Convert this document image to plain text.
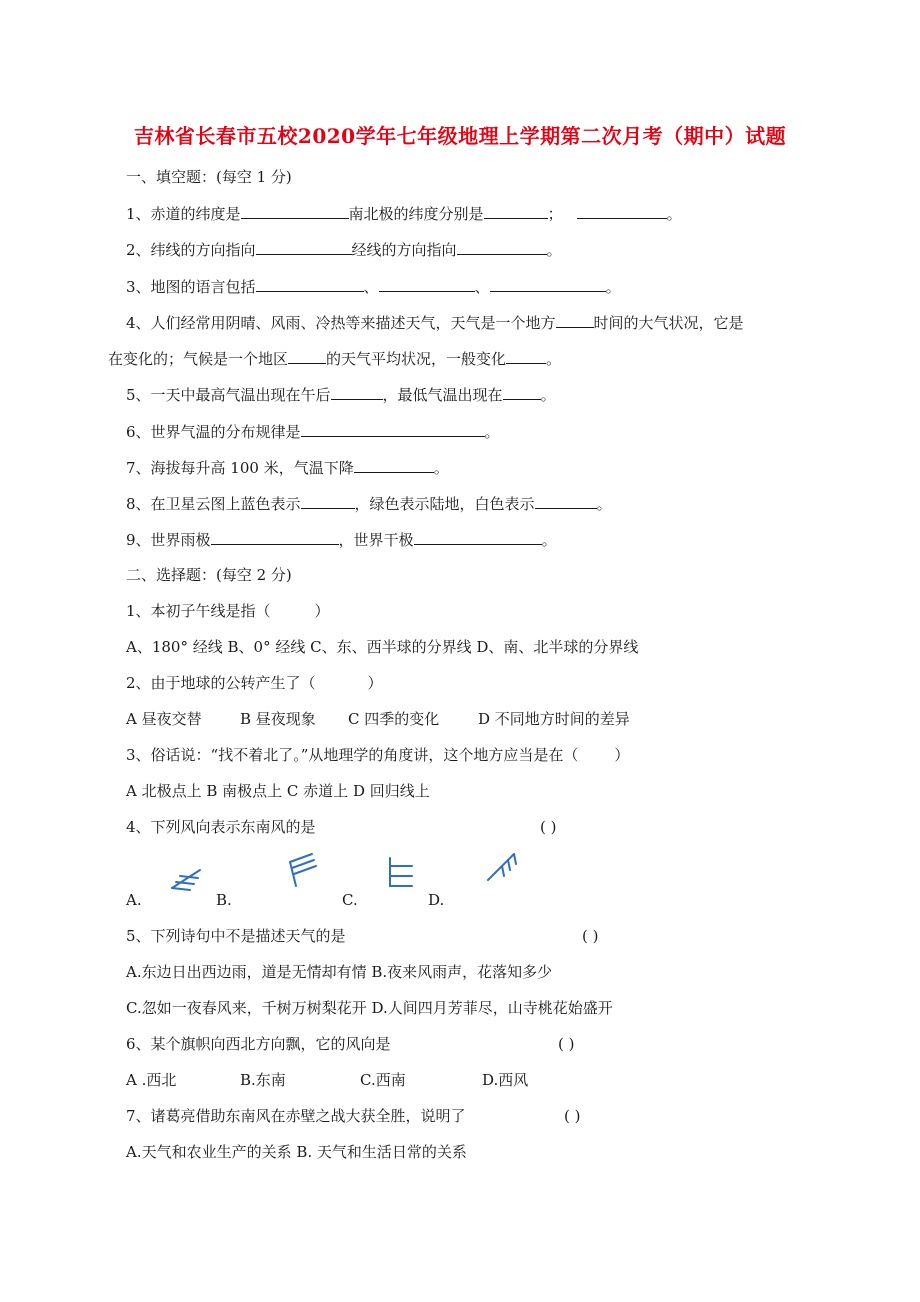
吉林省长春市五校2020学年七年级地理上学期第二次月考（期中）试题
一、填空题：(每空 1 分)
1、赤道的纬度是	南北极的纬度分别是	；	。
2、纬线的方向指向	经线的方向指向	。
3、地图的语言包括	、	、	。
4、人们经常用阴晴、风雨、冷热等来描述天气，天气是一个地方	时间的大气状况，它是
在变化的；气候是一个地区	的天气平均状况，一般变化	。
5、一天中最高气温出现在午后	，最低气温出现在	。
6、世界气温的分布规律是	。
7、海拔每升高 100 米，气温下降	。
8、在卫星云图上蓝色表示	，绿色表示陆地，白色表示	。
9、世界雨极	，世界干极	。
二、选择题：(每空 2 分)
1、本初子午线是指（	）
A、180° 经线 B、0° 经线 C、东、西半球的分界线 D、南、北半球的分界线
2、由于地球的公转产生了（	）
A 昼夜交替	B 昼夜现象 C 四季的变化	D 不同地方时间的差异
3、俗话说：“找不着北了。”从地理学的角度讲，这个地方应当是在（ ）
A 北极点上 B 南极点上 C 赤道上 D 回归线上
4、下列风向表示东南风的是	( )
A.	B.	C.	D.
5、下列诗句中不是描述天气的是	( )
A.东边日出西边雨，道是无情却有情 B.夜来风雨声，花落知多少
C.忽如一夜春风来，千树万树梨花开 D.人间四月芳菲尽，山寺桃花始盛开
6、某个旗帜向西北方向飘，它的风向是	( )
A .西北	B.东南	C.西南	D.西风
7、诸葛亮借助东南风在赤壁之战大获全胜，说明了	( )
A.天气和农业生产的关系 B. 天气和生活日常的关系
